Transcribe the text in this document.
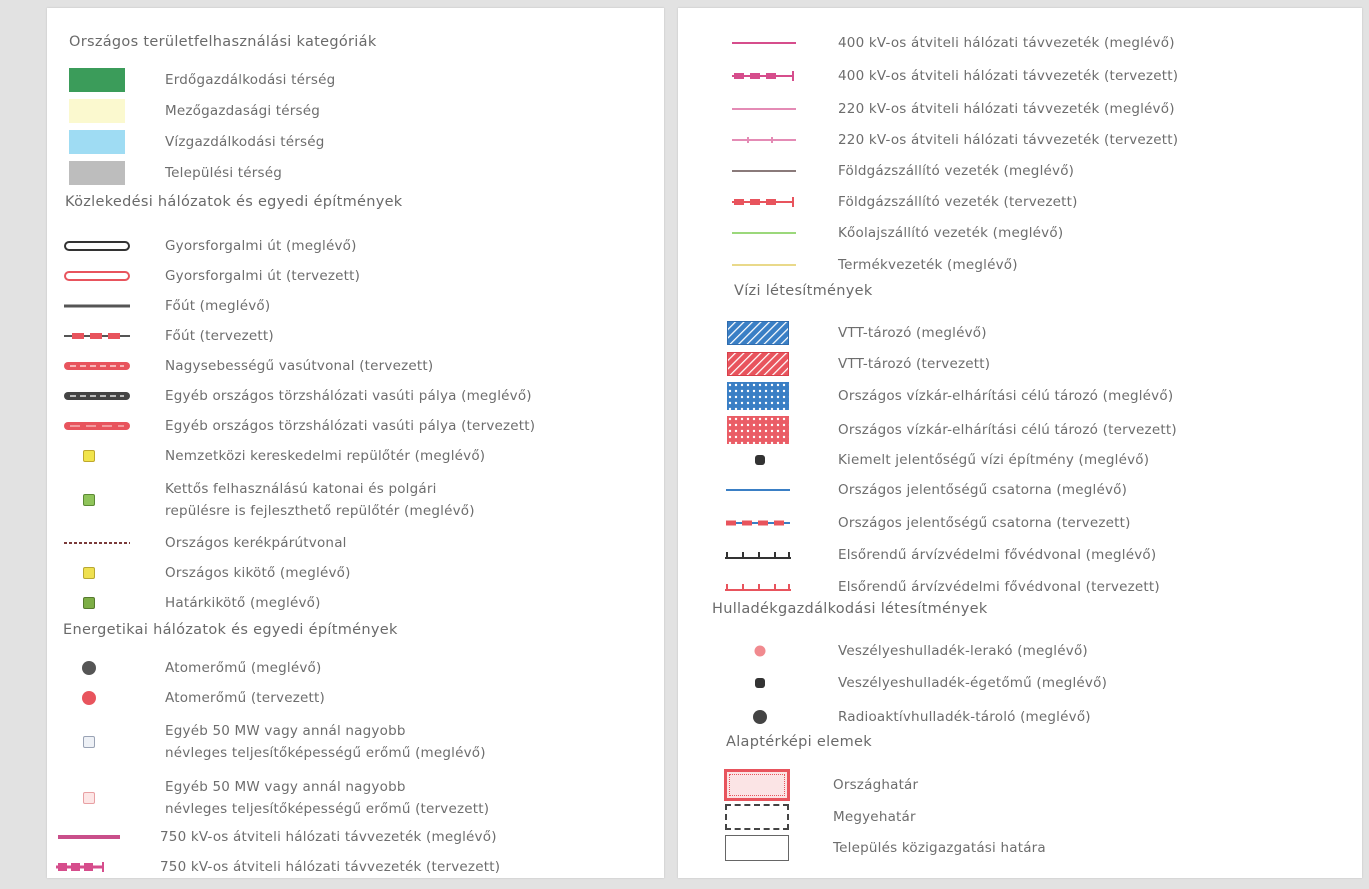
Országos területfelhasználási kategóriák
Erdőgazdálkodási térség
Mezőgazdasági térség
Vízgazdálkodási térség
Települési térség
Közlekedési hálózatok és egyedi építmények
Gyorsforgalmi út (meglévő)
Gyorsforgalmi út (tervezett)
Főút (meglévő)
Főút (tervezett)
Nagysebességű vasútvonal (tervezett)
Egyéb országos törzshálózati vasúti pálya (meglévő)
Egyéb országos törzshálózati vasúti pálya (tervezett)
Nemzetközi kereskedelmi repülőtér (meglévő)
Kettős felhasználású katonai és polgári
repülésre is fejleszthető repülőtér (meglévő)
Országos kerékpárútvonal
Országos kikötő (meglévő)
Határkikötő (meglévő)
Energetikai hálózatok és egyedi építmények
Atomerőmű (meglévő)
Atomerőmű (tervezett)
Egyéb 50 MW vagy annál nagyobb
névleges teljesítőképességű erőmű (meglévő)
Egyéb 50 MW vagy annál nagyobb
névleges teljesítőképességű erőmű (tervezett)
750 kV-os átviteli hálózati távvezeték (meglévő)
750 kV-os átviteli hálózati távvezeték (tervezett)
400 kV-os átviteli hálózati távvezeték (meglévő)
400 kV-os átviteli hálózati távvezeték (tervezett)
220 kV-os átviteli hálózati távvezeték (meglévő)
220 kV-os átviteli hálózati távvezeték (tervezett)
Földgázszállító vezeték (meglévő)
Földgázszállító vezeték (tervezett)
Kőolajszállító vezeték (meglévő)
Termékvezeték (meglévő)
Vízi létesítmények
VTT-tározó (meglévő)
VTT-tározó (tervezett)
Országos vízkár-elhárítási célú tározó (meglévő)
Országos vízkár-elhárítási célú tározó (tervezett)
Kiemelt jelentőségű vízi építmény (meglévő)
Országos jelentőségű csatorna (meglévő)
Országos jelentőségű csatorna (tervezett)
Elsőrendű árvízvédelmi fővédvonal (meglévő)
Elsőrendű árvízvédelmi fővédvonal (tervezett)
Hulladékgazdálkodási létesítmények
Veszélyeshulladék-lerakó (meglévő)
Veszélyeshulladék-égetőmű (meglévő)
Radioaktívhulladék-tároló (meglévő)
Alaptérképi elemek
Országhatár
Megyehatár
Település közigazgatási határa
